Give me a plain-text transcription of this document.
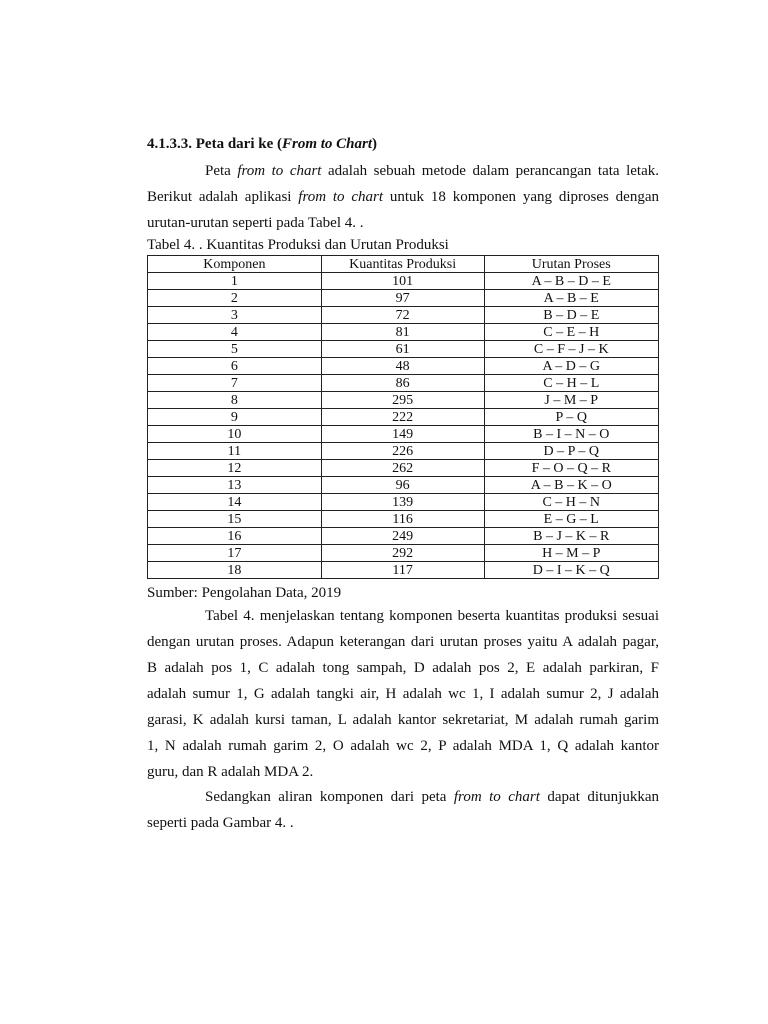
4.1.3.3. Peta dari ke (From to Chart)
Peta from to chart adalah sebuah metode dalam perancangan tata letak.
Berikut adalah aplikasi from to chart untuk 18 komponen yang diproses dengan
urutan-urutan seperti pada Tabel 4. .
Tabel 4. . Kuantitas Produksi dan Urutan Produksi
Komponen	Kuantitas Produksi	Urutan Proses
1	101	A – B – D – E
2	97	A – B – E
3	72	B – D – E
4	81	C – E – H
5	61	C – F – J – K
6	48	A – D – G
7	86	C – H – L
8	295	J – M – P
9	222	P – Q
10	149	B – I – N – O
11	226	D – P – Q
12	262	F – O – Q – R
13	96	A – B – K – O
14	139	C – H – N
15	116	E – G – L
16	249	B – J – K – R
17	292	H – M – P
18	117	D – I – K – Q
Sumber: Pengolahan Data, 2019
Tabel 4. menjelaskan tentang komponen beserta kuantitas produksi sesuai
dengan urutan proses. Adapun keterangan dari urutan proses yaitu A adalah pagar,
B adalah pos 1, C adalah tong sampah, D adalah pos 2, E adalah parkiran, F
adalah sumur 1, G adalah tangki air, H adalah wc 1, I adalah sumur 2, J adalah
garasi, K adalah kursi taman, L adalah kantor sekretariat, M adalah rumah garim
1, N adalah rumah garim 2, O adalah wc 2, P adalah MDA 1, Q adalah kantor
guru, dan R adalah MDA 2.
Sedangkan aliran komponen dari peta from to chart dapat ditunjukkan
seperti pada Gambar 4. .
